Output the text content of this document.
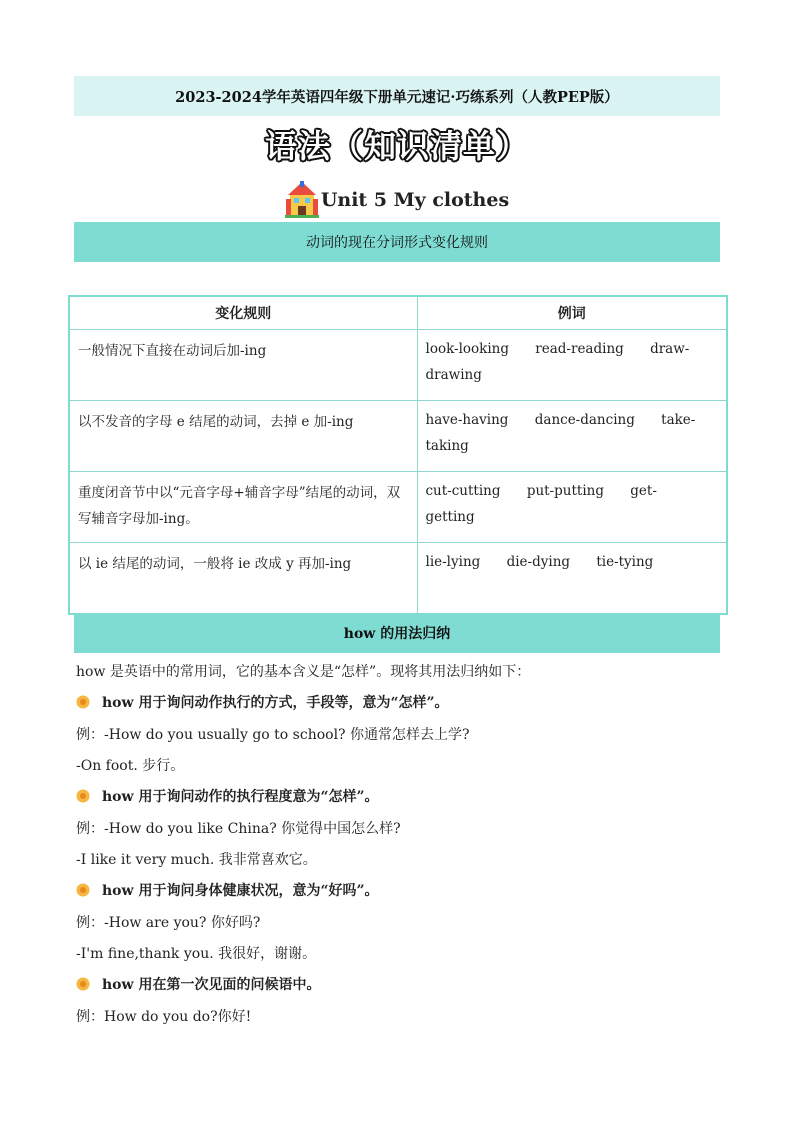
2023-2024学年英语四年级下册单元速记·巧练系列（人教PEP版）
语法（知识清单）
Unit 5 My clothes
动词的现在分词形式变化规则
变化规则	例词
一般情况下直接在动词后加-ing	look-looking read-reading draw-drawing
以不发音的字母 e 结尾的动词，去掉 e 加-ing	have-having dance-dancing take-taking
重度闭音节中以“元音字母+辅音字母”结尾的动词，双写辅音字母加-ing。	cut-cutting put-putting get-getting
以 ie 结尾的动词，一般将 ie 改成 y 再加-ing	lie-lying die-dying tie-tying
how 的用法归纳
how 是英语中的常用词，它的基本含义是“怎样”。现将其用法归纳如下：
how 用于询问动作执行的方式，手段等，意为“怎样”。
例：-How do you usually go to school? 你通常怎样去上学?
-On foot. 步行。
how 用于询问动作的执行程度意为“怎样”。
例：-How do you like China? 你觉得中国怎么样?
-I like it very much. 我非常喜欢它。
how 用于询问身体健康状况，意为“好吗”。
例：-How are you? 你好吗?
-I'm fine,thank you. 我很好，谢谢。
how 用在第一次见面的问候语中。
例：How do you do?你好!
